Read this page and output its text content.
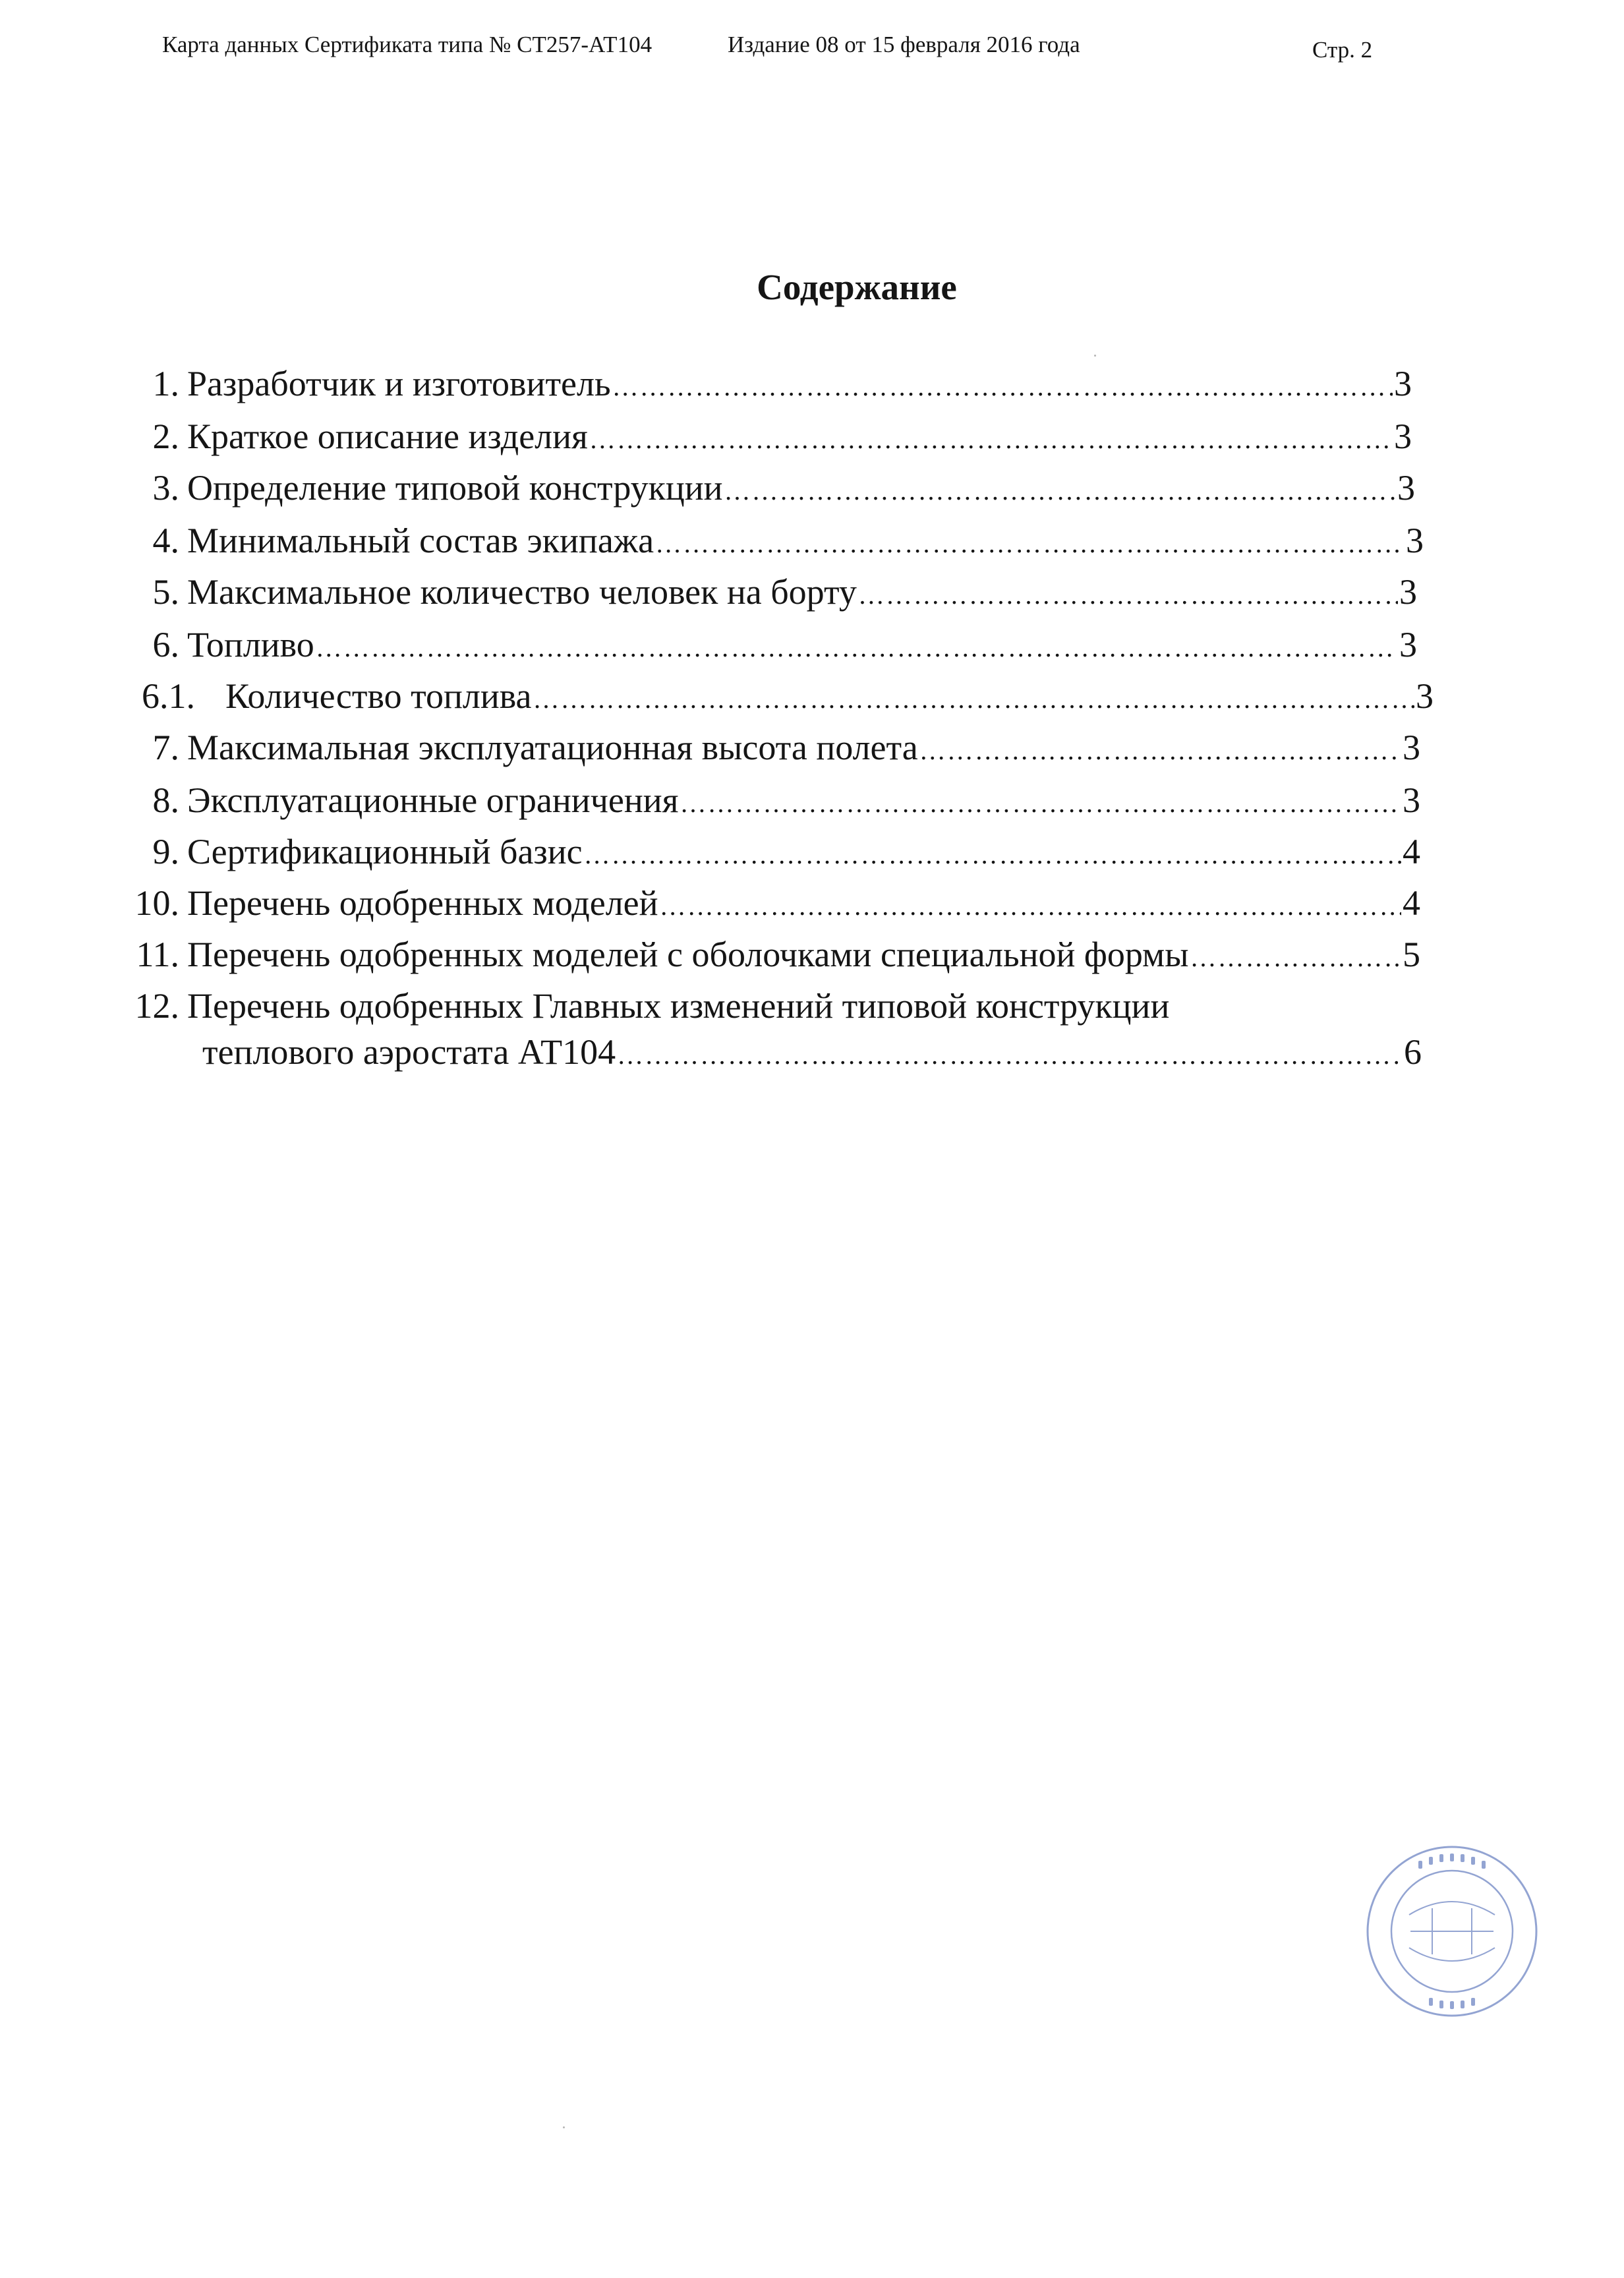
Карта данных Сертификата типа № СТ257-АТ104	Издание 08 от 15 февраля 2016 года	Стр. 2
Содержание
1. Разработчик и изготовитель …………………………………………………………………………………………………………………………………………	3
2. Краткое описание изделия …………………………………………………………………………………………………………………………………………	3
3. Определение типовой конструкции …………………………………………………………………………………………………………………………………………	3
4. Минимальный состав экипажа …………………………………………………………………………………………………………………………………………	3
5. Максимальное количество человек на борту …………………………………………………………………………………………………………………………………………	3
6. Топливо …………………………………………………………………………………………………………………………………………	3
6.1. Количество топлива …………………………………………………………………………………………………………………………………………	3
7. Максимальная эксплуатационная высота полета …………………………………………………………………………………………………………………………………………	3
8. Эксплуатационные ограничения …………………………………………………………………………………………………………………………………………	3
9. Сертификационный базис …………………………………………………………………………………………………………………………………………	4
10. Перечень одобренных моделей …………………………………………………………………………………………………………………………………………	4
11. Перечень одобренных моделей с оболочками специальной формы …………………………………………………………………………………………………………………………………………	5
12. Перечень одобренных Главных изменений типовой конструкции
теплового аэростата АТ104 …………………………………………………………………………………………………………………………………………	6
